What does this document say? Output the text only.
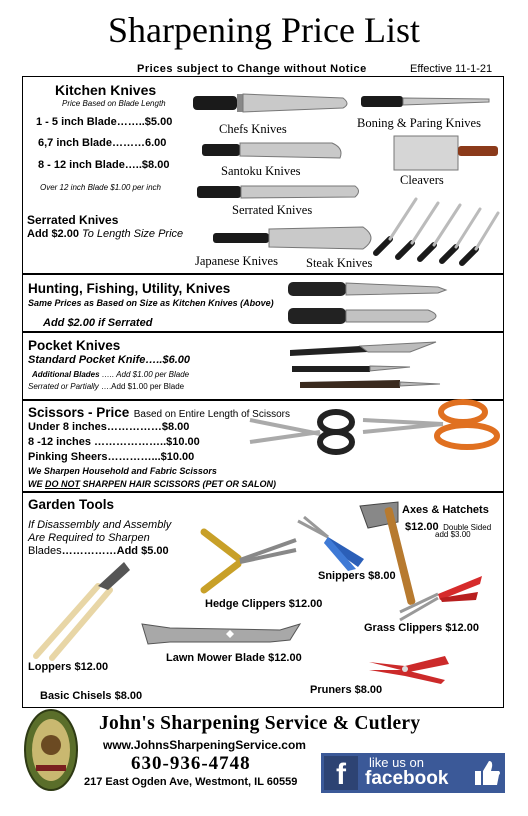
Sharpening Price List
Prices subject to Change without Notice	Effective 11-1-21
Kitchen Knives
Price Based on Blade Length
1 - 5 inch Blade……..$5.00
6,7 inch Blade………6.00
8 - 12 inch Blade…..$8.00
Over 12 inch Blade $1.00 per inch
Serrated Knives
Add $2.00 To Length Size Price
Chefs Knives	Boning & Paring Knives
Santoku Knives
Cleavers
Serrated Knives
Japanese Knives Steak Knives
Hunting, Fishing, Utility, Knives
Same Prices as Based on Size as Kitchen Knives (Above)
Add $2.00 if Serrated
Pocket Knives
Standard Pocket Knife…..$6.00
Additional Blades ….. Add $1.00 per Blade
Serrated or Partially ….Add $1.00 per Blade
Scissors - Price Based on Entire Length of Scissors
Under 8 inches……………$8.00
8 -12 inches ………………..$10.00
Pinking Sheers…………...$10.00
We Sharpen Household and Fabric Scissors
WE DO NOT SHARPEN HAIR SCISSORS (PET OR SALON)
Garden Tools
If Disassembly and Assembly
Are Required to Sharpen
Blades……………Add $5.00
Axes & Hatchets
$12.00 Double Sided
add $3.00
Snippers $8.00
Hedge Clippers $12.00
Grass Clippers $12.00
Loppers $12.00
Lawn Mower Blade $12.00
Pruners $8.00
Basic Chisels $8.00
John's Sharpening Service & Cutlery
www.JohnsSharpeningService.com
630-936-4748
217 East Ogden Ave, Westmont, IL 60559	f	like us on
facebook
